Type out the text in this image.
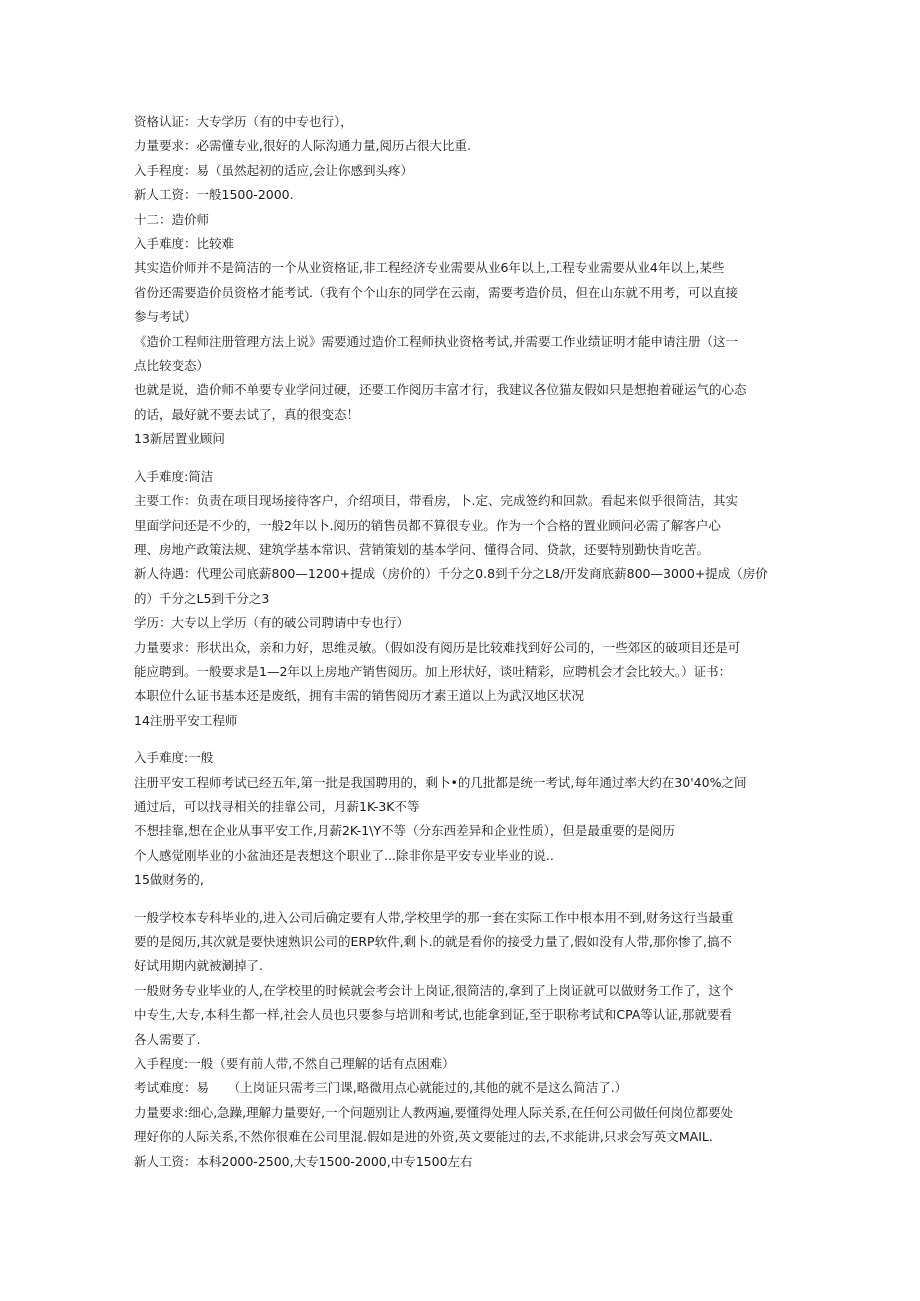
资格认证：大专学历（有的中专也行），
力量要求：必需懂专业,很好的人际沟通力量,阅历占很大比重.
入手程度：易（虽然起初的适应,会让你感到头疼）
新人工资：一般1500-2000.
十二：造价师
入手难度：比较难
其实造价师并不是简洁的一个从业资格证,非工程经济专业需要从业6年以上,工程专业需要从业4年以上,某些
省份还需要造价员资格才能考试.（我有个个山东的同学在云南，需要考造价员，但在山东就不用考，可以直接
参与考试）
《造价工程师注册管理方法上说》需要通过造价工程师执业资格考试,并需要工作业绩证明才能申请注册（这一
点比较变态）
也就是说，造价师不单要专业学问过硬，还要工作阅历丰富才行，我建议各位猫友假如只是想抱着碰运气的心态
的话，最好就不要去试了，真的很变态！
13新居置业顾问
入手难度:简洁
主要工作：负责在项目现场接待客户，介绍项目，带看房，卜.定、完成签约和回款。看起来似乎很简洁，其实
里面学问还是不少的，一般2年以卜.阅历的销售员都不算很专业。作为一个合格的置业顾问必需了解客户心
理、房地产政策法规、建筑学基本常识、营销策划的基本学问、懂得合同、贷款，还要特别勤快肯吃苦。
新人待遇：代理公司底薪800—1200+提成（房价的）千分之0.8到千分之L8/开发商底薪800—3000+提成（房价
的）千分之L5到千分之3
学历：大专以上学历（有的破公司聘请中专也行）
力量要求：形状出众，亲和力好，思维灵敏。（假如没有阅历是比较难找到好公司的，一些郊区的破项目还是可
能应聘到。一般要求是1—2年以上房地产销售阅历。加上形状好，谈吐精彩，应聘机会才会比较大。）证书：
本职位什么证书基本还是废纸，拥有丰需的销售阅历才素王道以上为武汉地区状况
14注册平安工程师
入手难度:一般
注册平安工程师考试已经五年,第一批是我国聘用的，剩卜•的几批都是统一考试,每年通过率大约在30'40%之间
通过后，可以找寻相关的挂靠公司，月薪1K-3K不等
不想挂靠,想在企业从事平安工作,月薪2K-1\Y不等（分东西差异和企业性质），但是最重要的是阅历
个人感觉刚毕业的小盆油还是表想这个职业了...除非你是平安专业毕业的说..
15做财务的,
一般学校本专科毕业的,进入公司后确定要有人带,学校里学的那一套在实际工作中根本用不到,财务这行当最重
要的是阅历,其次就是要快速熟识公司的ERP软件,剩卜.的就是看你的接受力量了,假如没有人带,那你惨了,搞不
好试用期内就被涮掉了.
一般财务专业毕业的人,在学校里的时候就会考会计上岗证,很简洁的,拿到了上岗证就可以做财务工作了，这个
中专生,大专,本科生都一样,社会人员也只要参与培训和考试,也能拿到证,至于职称考试和CPA等认证,那就要看
各人需要了.
入手程度:一般（要有前人带,不然自己理解的话有点困难）
考试难度：易　　（上岗证只需考三门课,略微用点心就能过的,其他的就不是这么简洁了.）
力量要求:细心,急躁,理解力量要好,一个问题别让人教两遍,要懂得处理人际关系,在任何公司做任何岗位都要处
理好你的人际关系,不然你很难在公司里混.假如是进的外资,英文要能过的去,不求能讲,只求会写英文MAIL.
新人工资：本科2000-2500,大专1500-2000,中专1500左右
